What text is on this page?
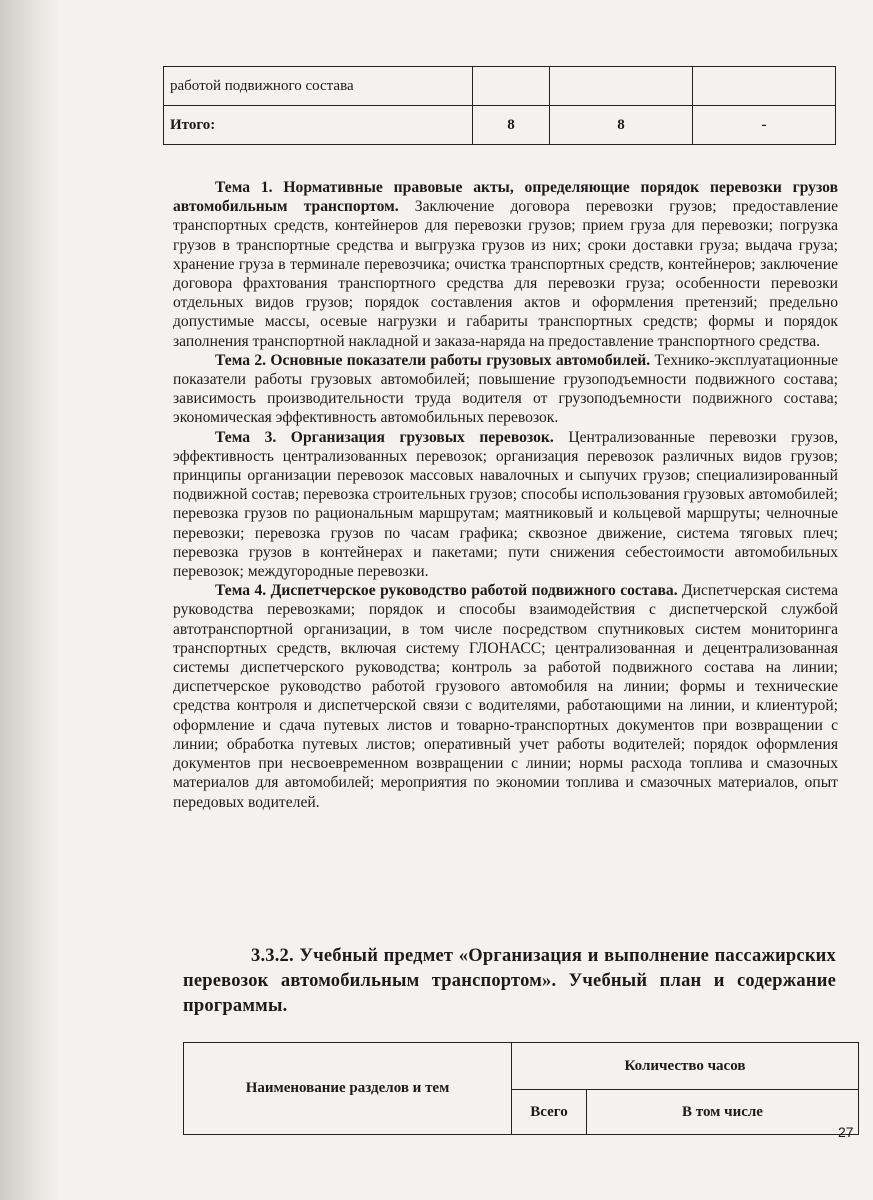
работой подвижного состава			
Итого:	8	8	-

Тема 1. Нормативные правовые акты, определяющие порядок перевозки грузов автомобильным транспортом. Заключение договора перевозки грузов; предоставление транспортных средств, контейнеров для перевозки грузов; прием груза для перевозки; погрузка грузов в транспортные средства и выгрузка грузов из них; сроки доставки груза; выдача груза; хранение груза в терминале перевозчика; очистка транспортных средств, контейнеров; заключение договора фрахтования транспортного средства для перевозки груза; особенности перевозки отдельных видов грузов; порядок составления актов и оформления претензий; предельно допустимые массы, осевые нагрузки и габариты транспортных средств; формы и порядок заполнения транспортной накладной и заказа-наряда на предоставление транспортного средства.

Тема 2. Основные показатели работы грузовых автомобилей. Технико-эксплуатационные показатели работы грузовых автомобилей; повышение грузоподъемности подвижного состава; зависимость производительности труда водителя от грузоподъемности подвижного состава; экономическая эффективность автомобильных перевозок.

Тема 3. Организация грузовых перевозок. Централизованные перевозки грузов, эффективность централизованных перевозок; организация перевозок различных видов грузов; принципы организации перевозок массовых навалочных и сыпучих грузов; специализированный подвижной состав; перевозка строительных грузов; способы использования грузовых автомобилей; перевозка грузов по рациональным маршрутам; маятниковый и кольцевой маршруты; челночные перевозки; перевозка грузов по часам графика; сквозное движение, система тяговых плеч; перевозка грузов в контейнерах и пакетами; пути снижения себестоимости автомобильных перевозок; междугородные перевозки.

Тема 4. Диспетчерское руководство работой подвижного состава. Диспетчерская система руководства перевозками; порядок и способы взаимодействия с диспетчерской службой автотранспортной организации, в том числе посредством спутниковых систем мониторинга транспортных средств, включая систему ГЛОНАСС; централизованная и децентрализованная системы диспетчерского руководства; контроль за работой подвижного состава на линии; диспетчерское руководство работой грузового автомобиля на линии; формы и технические средства контроля и диспетчерской связи с водителями, работающими на линии, и клиентурой; оформление и сдача путевых листов и товарно-транспортных документов при возвращении с линии; обработка путевых листов; оперативный учет работы водителей; порядок оформления документов при несвоевременном возвращении с линии; нормы расхода топлива и смазочных материалов для автомобилей; мероприятия по экономии топлива и смазочных материалов, опыт передовых водителей.

3.3.2. Учебный предмет «Организация и выполнение пассажирских перевозок автомобильным транспортом». Учебный план и содержание программы.
Наименование разделов и тем	Количество часов	
	Всего	В том числе
27
